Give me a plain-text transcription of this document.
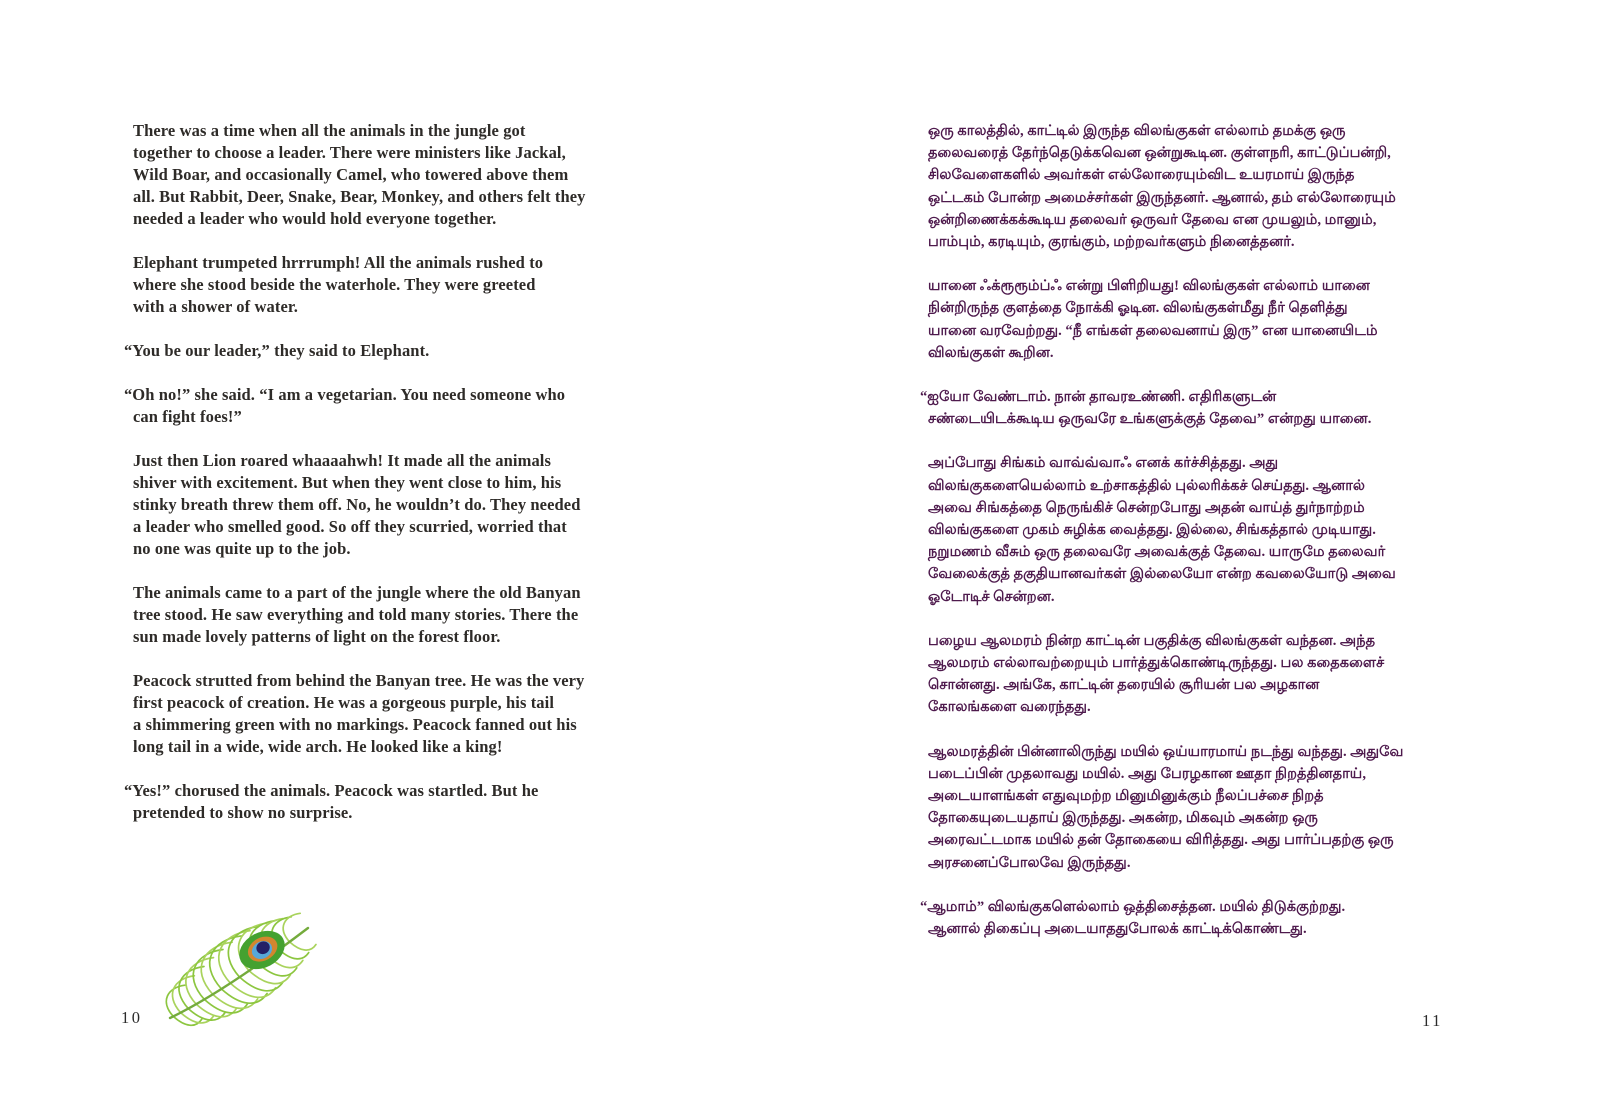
There was a time when all the animals in the jungle got
together to choose a leader. There were ministers like Jackal,
Wild Boar, and occasionally Camel, who towered above them
all. But Rabbit, Deer, Snake, Bear, Monkey, and others felt they
needed a leader who would hold everyone together.

Elephant trumpeted hrrrumph! All the animals rushed to
where she stood beside the waterhole. They were greeted
with a shower of water.

“You be our leader,” they said to Elephant.

“Oh no!” she said. “I am a vegetarian. You need someone who
can fight foes!”

Just then Lion roared whaaaahwh! It made all the animals
shiver with excitement. But when they went close to him, his
stinky breath threw them off. No, he wouldn’t do. They needed
a leader who smelled good. So off they scurried, worried that
no one was quite up to the job.

The animals came to a part of the jungle where the old Banyan
tree stood. He saw everything and told many stories. There the
sun made lovely patterns of light on the forest floor.

Peacock strutted from behind the Banyan tree. He was the very
first peacock of creation. He was a gorgeous purple, his tail
a shimmering green with no markings. Peacock fanned out his
long tail in a wide, wide arch. He looked like a king!

“Yes!” chorused the animals. Peacock was startled. But he
pretended to show no surprise.

10

ஒரு காலத்தில், காட்டில் இருந்த விலங்குகள் எல்லாம் தமக்கு ஒரு
தலைவரைத் தேர்ந்தெடுக்கவென ஒன்றுகூடின. குள்ளநரி, காட்டுப்பன்றி,
சிலவேளைகளில் அவர்கள் எல்லோரையும்விட உயரமாய் இருந்த
ஒட்டகம் போன்ற அமைச்சர்கள் இருந்தனர். ஆனால், தம் எல்லோரையும்
ஒன்றிணைக்கக்கூடிய தலைவர் ஒருவர் தேவை என முயலும், மானும்,
பாம்பும், கரடியும், குரங்கும், மற்றவர்களும் நினைத்தனர்.

யானை ஃக்ரூரூம்ப்ஃ என்று பிளிறியது! விலங்குகள் எல்லாம் யானை
நின்றிருந்த குளத்தை நோக்கி ஓடின. விலங்குகள்மீது நீர் தெளித்து
யானை வரவேற்றது. “நீ எங்கள் தலைவனாய் இரு” என யானையிடம்
விலங்குகள் கூறின.

“ஐயோ வேண்டாம். நான் தாவரஉண்ணி. எதிரிகளுடன்
சண்டையிடக்கூடிய ஒருவரே உங்களுக்குத் தேவை” என்றது யானை.

அப்போது சிங்கம் வாவ்வ்வாஃ எனக் கர்ச்சித்தது. அது
விலங்குகளையெல்லாம் உற்சாகத்தில் புல்லரிக்கச் செய்தது. ஆனால்
அவை சிங்கத்தை நெருங்கிச் சென்றபோது அதன் வாய்த் துர்நாற்றம்
விலங்குகளை முகம் சுழிக்க வைத்தது. இல்லை, சிங்கத்தால் முடியாது.
நறுமணம் வீசும் ஒரு தலைவரே அவைக்குத் தேவை. யாருமே தலைவர்
வேலைக்குத் தகுதியானவர்கள் இல்லையோ என்ற கவலையோடு அவை
ஓடோடிச் சென்றன.

பழைய ஆலமரம் நின்ற காட்டின் பகுதிக்கு விலங்குகள் வந்தன. அந்த
ஆலமரம் எல்லாவற்றையும் பார்த்துக்கொண்டிருந்தது. பல கதைகளைச்
சொன்னது. அங்கே, காட்டின் தரையில் சூரியன் பல அழகான
கோலங்களை வரைந்தது.

ஆலமரத்தின் பின்னாலிருந்து மயில் ஒய்யாரமாய் நடந்து வந்தது. அதுவே
படைப்பின் முதலாவது மயில். அது பேரழகான ஊதா நிறத்தினதாய்,
அடையாளங்கள் எதுவுமற்ற மினுமினுக்கும் நீலப்பச்சை நிறத்
தோகையுடையதாய் இருந்தது. அகன்ற, மிகவும் அகன்ற ஒரு
அரைவட்டமாக மயில் தன் தோகையை விரித்தது. அது பார்ப்பதற்கு ஒரு
அரசனைப்போலவே இருந்தது.

“ஆமாம்” விலங்குகளெல்லாம் ஒத்திசைத்தன. மயில் திடுக்குற்றது.
ஆனால் திகைப்பு அடையாததுபோலக் காட்டிக்கொண்டது.

11
